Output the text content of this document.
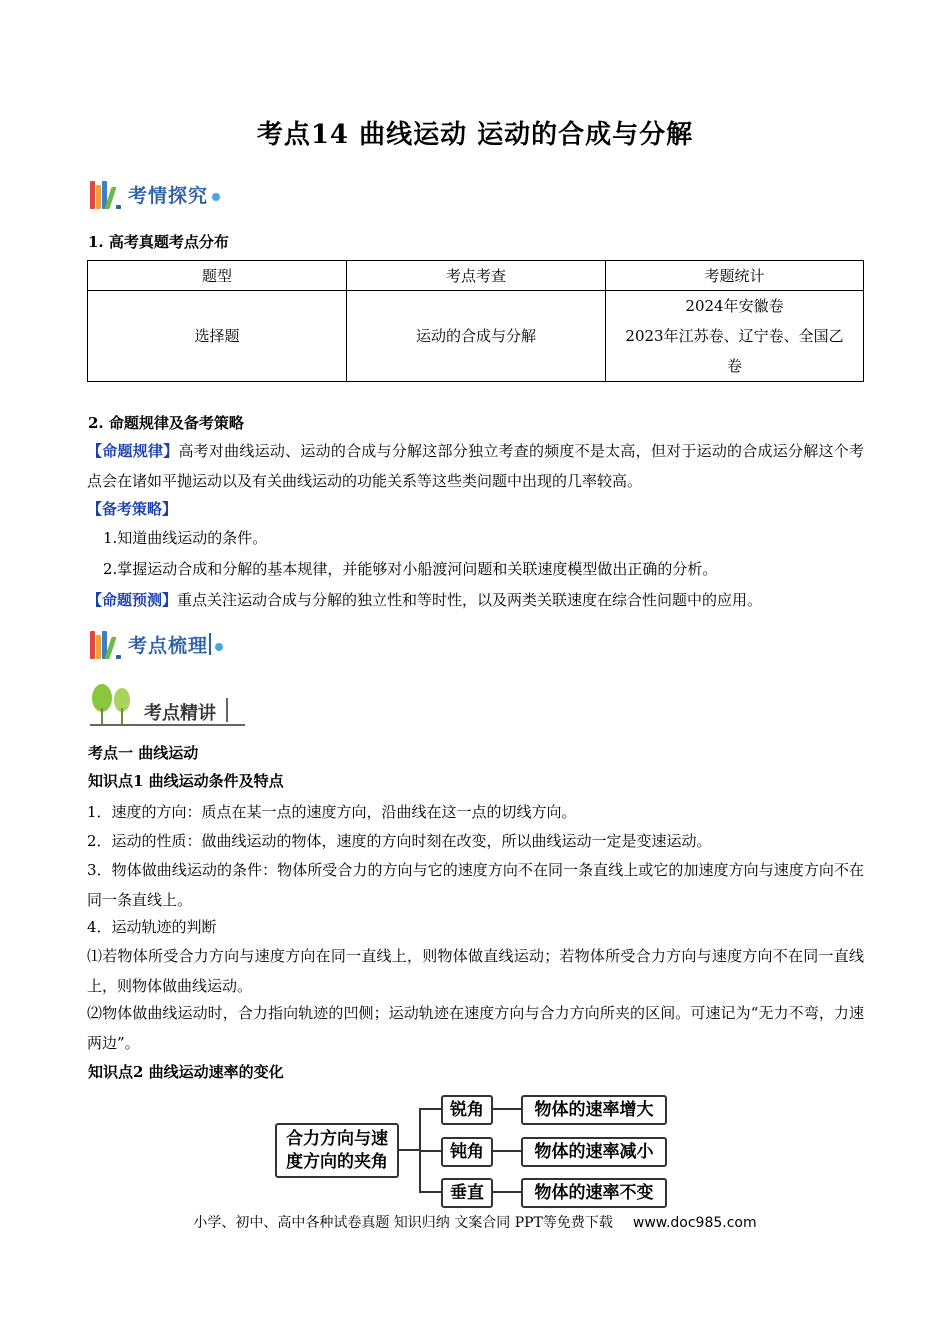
考点14 曲线运动 运动的合成与分解
考情探究
1. 高考真题考点分布
题型	考点考查	考题统计
选择题	运动的合成与分解	2024年安徽卷
2023年江苏卷、辽宁卷、全国乙
卷
2. 命题规律及备考策略
【命题规律】高考对曲线运动、运动的合成与分解这部分独立考查的频度不是太高，但对于运动的合成运分解这个考点会在诸如平抛运动以及有关曲线运动的功能关系等这些类问题中出现的几率较高。
【备考策略】
1.知道曲线运动的条件。
2.掌握运动合成和分解的基本规律，并能够对小船渡河问题和关联速度模型做出正确的分析。
【命题预测】重点关注运动合成与分解的独立性和等时性，以及两类关联速度在综合性问题中的应用。
考点梳理
考点精讲
考点一 曲线运动
知识点1 曲线运动条件及特点
1．速度的方向：质点在某一点的速度方向，沿曲线在这一点的切线方向。
2．运动的性质：做曲线运动的物体，速度的方向时刻在改变，所以曲线运动一定是变速运动。
3．物体做曲线运动的条件：物体所受合力的方向与它的速度方向不在同一条直线上或它的加速度方向与速度方向不在同一条直线上。
4．运动轨迹的判断
⑴若物体所受合力方向与速度方向在同一直线上，则物体做直线运动；若物体所受合力方向与速度方向不在同一直线上，则物体做曲线运动。
⑵物体做曲线运动时，合力指向轨迹的凹侧；运动轨迹在速度方向与合力方向所夹的区间。可速记为“无力不弯，力速两边”。
知识点2 曲线运动速率的变化
合力方向与速
度方向的夹角
锐角	物体的速率增大
钝角	物体的速率减小
垂直	物体的速率不变
小学、初中、高中各种试卷真题 知识归纳 文案合同 PPT等免费下载 www.doc985.com
